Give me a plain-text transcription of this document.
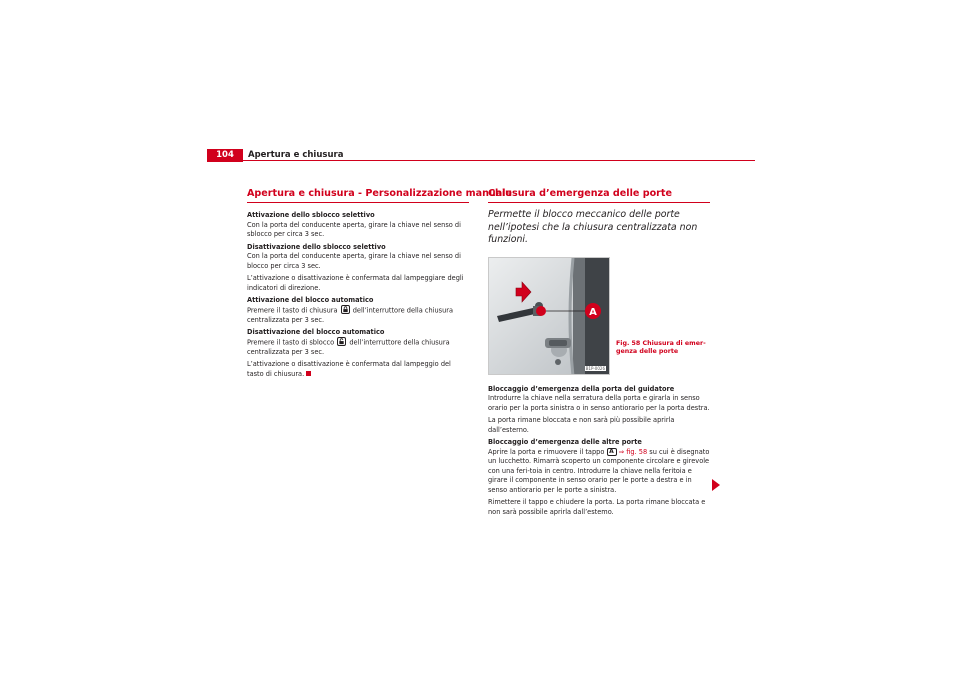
104	Apertura e chiusura
Apertura e chiusura - Personalizzazione manuale
Attivazione dello sblocco selettivo

Con la porta del conducente aperta, girare la chiave nel senso di sblocco per circa 3 sec.

Disattivazione dello sblocco selettivo

Con la porta del conducente aperta, girare la chiave nel senso di blocco per circa 3 sec.

L’attivazione o disattivazione è confermata dal lampeggiare degli indicatori di direzione.

Attivazione del blocco automatico

Premere il tasto di chiusura dell’interruttore della chiusura centralizzata per 3 sec.

Disattivazione del blocco automatico

Premere il tasto di sblocco dell’interruttore della chiusura centralizzata per 3 sec.

L’attivazione o disattivazione è confermata dal lampeggio del tasto di chiusura.

Chiusura d’emergenza delle porte

Permette il blocco meccanico delle porte nell’ipotesi che la chiusura centralizzata non funzioni.

A
B1P-0026
Bloccaggio d’emergenza della porta del guidatore

Introdurre la chiave nella serratura della porta e girarla in senso orario per la porta sinistra o in senso antiorario per la porta destra.

La porta rimane bloccata e non sarà più possibile aprirla dall’esterno.

Bloccaggio d’emergenza delle altre porte

Aprire la porta e rimuovere il tappo A ⇒ fig. 58 su cui è disegnato un lucchetto. Rimarrà scoperto un componente circolare e girevole con una feri-toia in centro. Introdurre la chiave nella feritoia e girare il componente in senso orario per le porte a destra e in senso antiorario per le porte a sinistra.

Rimettere il tappo e chiudere la porta. La porta rimane bloccata e non sarà possibile aprirla dall’estemo.

Fig. 58 Chiusura di emer-genza delle porte
